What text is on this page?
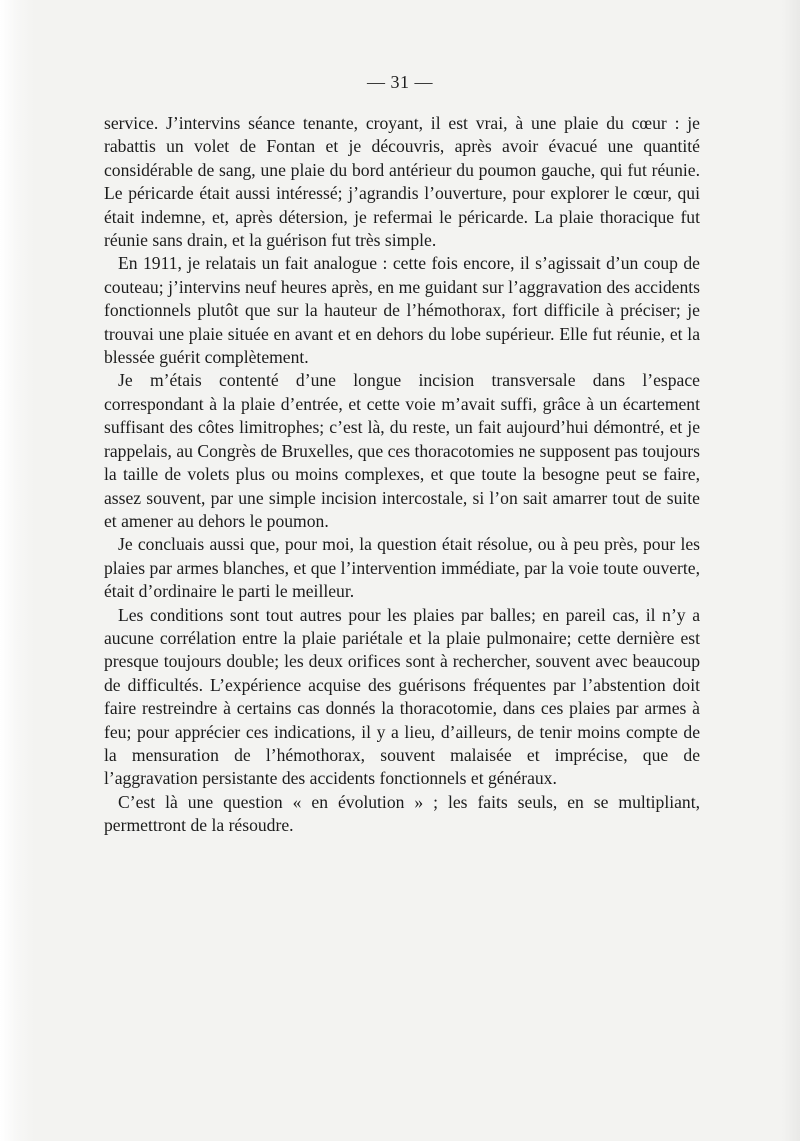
— 31 —

service. J’intervins séance tenante, croyant, il est vrai, à une plaie du cœur : je rabattis un volet de Fontan et je découvris, après avoir évacué une quantité considérable de sang, une plaie du bord antérieur du poumon gauche, qui fut réunie. Le péricarde était aussi intéressé; j’agrandis l’ouverture, pour explorer le cœur, qui était indemne, et, après détersion, je refermai le péricarde. La plaie thoracique fut réunie sans drain, et la guérison fut très simple.

En 1911, je relatais un fait analogue : cette fois encore, il s’agissait d’un coup de couteau; j’intervins neuf heures après, en me guidant sur l’aggravation des accidents fonctionnels plutôt que sur la hauteur de l’hémothorax, fort difficile à préciser; je trouvai une plaie située en avant et en dehors du lobe supérieur. Elle fut réunie, et la blessée guérit complètement.

Je m’étais contenté d’une longue incision transversale dans l’espace correspondant à la plaie d’entrée, et cette voie m’avait suffi, grâce à un écartement suffisant des côtes limitrophes; c’est là, du reste, un fait aujourd’hui démontré, et je rappelais, au Congrès de Bruxelles, que ces thoracotomies ne supposent pas toujours la taille de volets plus ou moins complexes, et que toute la besogne peut se faire, assez souvent, par une simple incision intercostale, si l’on sait amarrer tout de suite et amener au dehors le poumon.

Je concluais aussi que, pour moi, la question était résolue, ou à peu près, pour les plaies par armes blanches, et que l’intervention immédiate, par la voie toute ouverte, était d’ordinaire le parti le meilleur.

Les conditions sont tout autres pour les plaies par balles; en pareil cas, il n’y a aucune corrélation entre la plaie pariétale et la plaie pulmonaire; cette dernière est presque toujours double; les deux orifices sont à rechercher, souvent avec beaucoup de difficultés. L’expérience acquise des guérisons fréquentes par l’abstention doit faire restreindre à certains cas donnés la thoracotomie, dans ces plaies par armes à feu; pour apprécier ces indications, il y a lieu, d’ailleurs, de tenir moins compte de la mensuration de l’hémothorax, souvent malaisée et imprécise, que de l’aggravation persistante des accidents fonctionnels et généraux.

C’est là une question « en évolution » ; les faits seuls, en se multipliant, permettront de la résoudre.
